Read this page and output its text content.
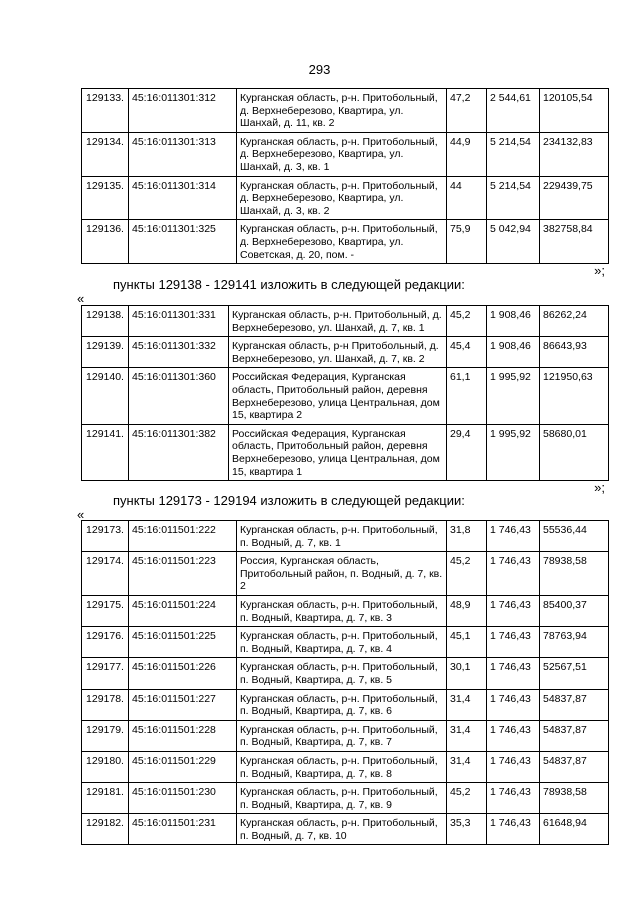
293
129133.	45:16:011301:312	Курганская область, р-н. Притобольный, д. Верхнеберезово, Квартира, ул. Шанхай, д. 11, кв. 2	47,2	2 544,61	120105,54
129134.	45:16:011301:313	Курганская область, р-н. Притобольный, д. Верхнеберезово, Квартира, ул. Шанхай, д. 3, кв. 1	44,9	5 214,54	234132,83
129135.	45:16:011301:314	Курганская область, р-н. Притобольный, д. Верхнеберезово, Квартира, ул. Шанхай, д. 3, кв. 2	44	5 214,54	229439,75
129136.	45:16:011301:325	Курганская область, р-н. Притобольный, д. Верхнеберезово, Квартира, ул. Советская, д. 20, пом. -	75,9	5 042,94	382758,84
»;
пункты 129138 - 129141 изложить в следующей редакции:
«
129138.	45:16:011301:331	Курганская область, р-н. Притобольный, д. Верхнеберезово, ул. Шанхай, д. 7, кв. 1	45,2	1 908,46	86262,24
129139.	45:16:011301:332	Курганская область, р-н Притобольный, д. Верхнеберезово, ул. Шанхай, д. 7, кв. 2	45,4	1 908,46	86643,93
129140.	45:16:011301:360	Российская Федерация, Курганская область, Притобольный район, деревня Верхнеберезово, улица Центральная, дом 15, квартира 2	61,1	1 995,92	121950,63
129141.	45:16:011301:382	Российская Федерация, Курганская область, Притобольный район, деревня Верхнеберезово, улица Центральная, дом 15, квартира 1	29,4	1 995,92	58680,01
»;
пункты 129173 - 129194 изложить в следующей редакции:
«
129173.	45:16:011501:222	Курганская область, р-н. Притобольный, п. Водный, д. 7, кв. 1	31,8	1 746,43	55536,44
129174.	45:16:011501:223	Россия, Курганская область, Притобольный район, п. Водный, д. 7, кв. 2	45,2	1 746,43	78938,58
129175.	45:16:011501:224	Курганская область, р-н. Притобольный, п. Водный, Квартира, д. 7, кв. 3	48,9	1 746,43	85400,37
129176.	45:16:011501:225	Курганская область, р-н. Притобольный, п. Водный, Квартира, д. 7, кв. 4	45,1	1 746,43	78763,94
129177.	45:16:011501:226	Курганская область, р-н. Притобольный, п. Водный, Квартира, д. 7, кв. 5	30,1	1 746,43	52567,51
129178.	45:16:011501:227	Курганская область, р-н. Притобольный, п. Водный, Квартира, д. 7, кв. 6	31,4	1 746,43	54837,87
129179.	45:16:011501:228	Курганская область, р-н. Притобольный, п. Водный, Квартира, д. 7, кв. 7	31,4	1 746,43	54837,87
129180.	45:16:011501:229	Курганская область, р-н. Притобольный, п. Водный, Квартира, д. 7, кв. 8	31,4	1 746,43	54837,87
129181.	45:16:011501:230	Курганская область, р-н. Притобольный, п. Водный, Квартира, д. 7, кв. 9	45,2	1 746,43	78938,58
129182.	45:16:011501:231	Курганская область, р-н. Притобольный, п. Водный, д. 7, кв. 10	35,3	1 746,43	61648,94
